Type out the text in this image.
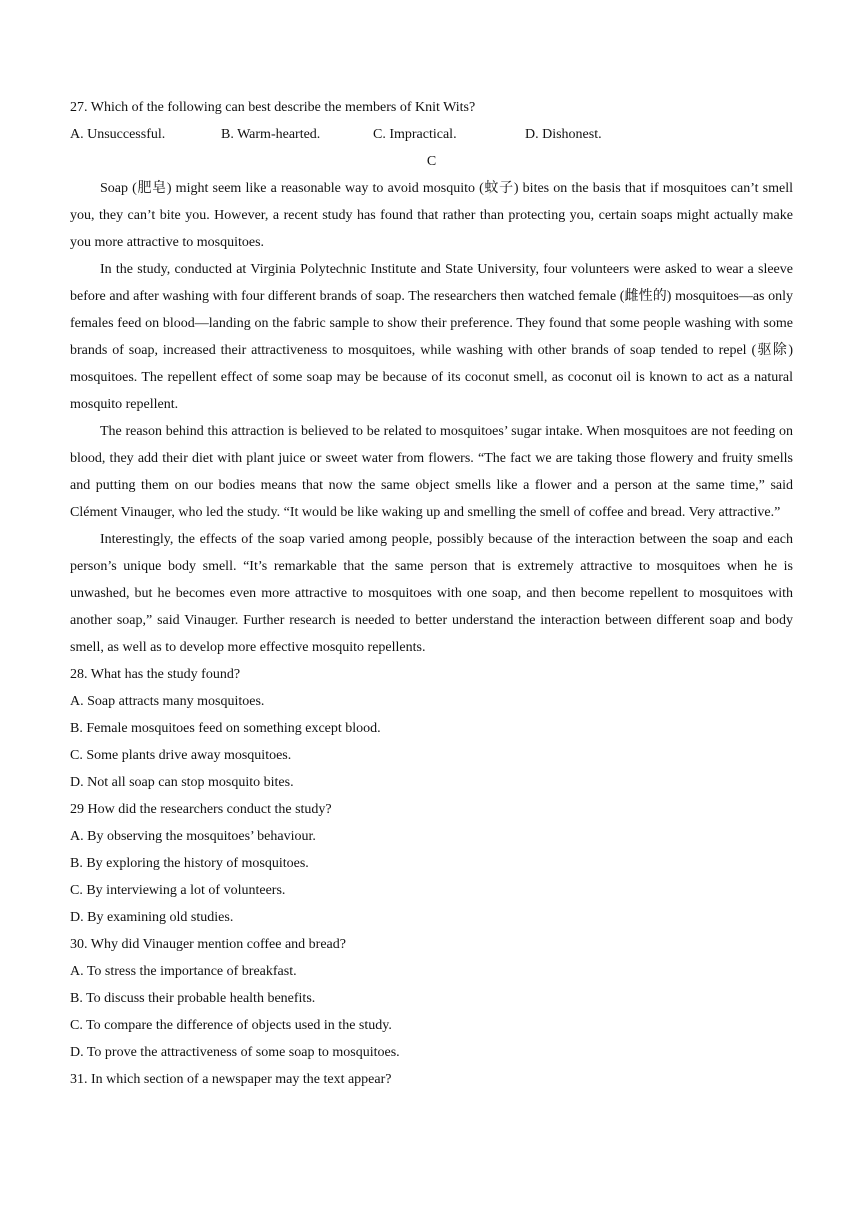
27. Which of the following can best describe the members of Knit Wits?

A. Unsuccessful.	B. Warm-hearted.	C. Impractical.	D. Dishonest.

C

Soap (肥皂) might seem like a reasonable way to avoid mosquito (蚊子) bites on the basis that if mosquitoes can’t smell you, they can’t bite you. However, a recent study has found that rather than protecting you, certain soaps might actually make you more attractive to mosquitoes.

In the study, conducted at Virginia Polytechnic Institute and State University, four volunteers were asked to wear a sleeve before and after washing with four different brands of soap. The researchers then watched female (雌性的) mosquitoes—as only females feed on blood—landing on the fabric sample to show their preference. They found that some people washing with some brands of soap, increased their attractiveness to mosquitoes, while washing with other brands of soap tended to repel (驱除) mosquitoes. The repellent effect of some soap may be because of its coconut smell, as coconut oil is known to act as a natural mosquito repellent.

The reason behind this attraction is believed to be related to mosquitoes’ sugar intake. When mosquitoes are not feeding on blood, they add their diet with plant juice or sweet water from flowers. “The fact we are taking those flowery and fruity smells and putting them on our bodies means that now the same object smells like a flower and a person at the same time,” said Clément Vinauger, who led the study. “It would be like waking up and smelling the smell of coffee and bread. Very attractive.”

Interestingly, the effects of the soap varied among people, possibly because of the interaction between the soap and each person’s unique body smell. “It’s remarkable that the same person that is extremely attractive to mosquitoes when he is unwashed, but he becomes even more attractive to mosquitoes with one soap, and then become repellent to mosquitoes with another soap,” said Vinauger. Further research is needed to better understand the interaction between different soap and body smell, as well as to develop more effective mosquito repellents.

28. What has the study found?

A. Soap attracts many mosquitoes.

B. Female mosquitoes feed on something except blood.

C. Some plants drive away mosquitoes.

D. Not all soap can stop mosquito bites.

29 How did the researchers conduct the study?

A. By observing the mosquitoes’ behaviour.

B. By exploring the history of mosquitoes.

C. By interviewing a lot of volunteers.

D. By examining old studies.

30. Why did Vinauger mention coffee and bread?

A. To stress the importance of breakfast.

B. To discuss their probable health benefits.

C. To compare the difference of objects used in the study.

D. To prove the attractiveness of some soap to mosquitoes.

31. In which section of a newspaper may the text appear?
